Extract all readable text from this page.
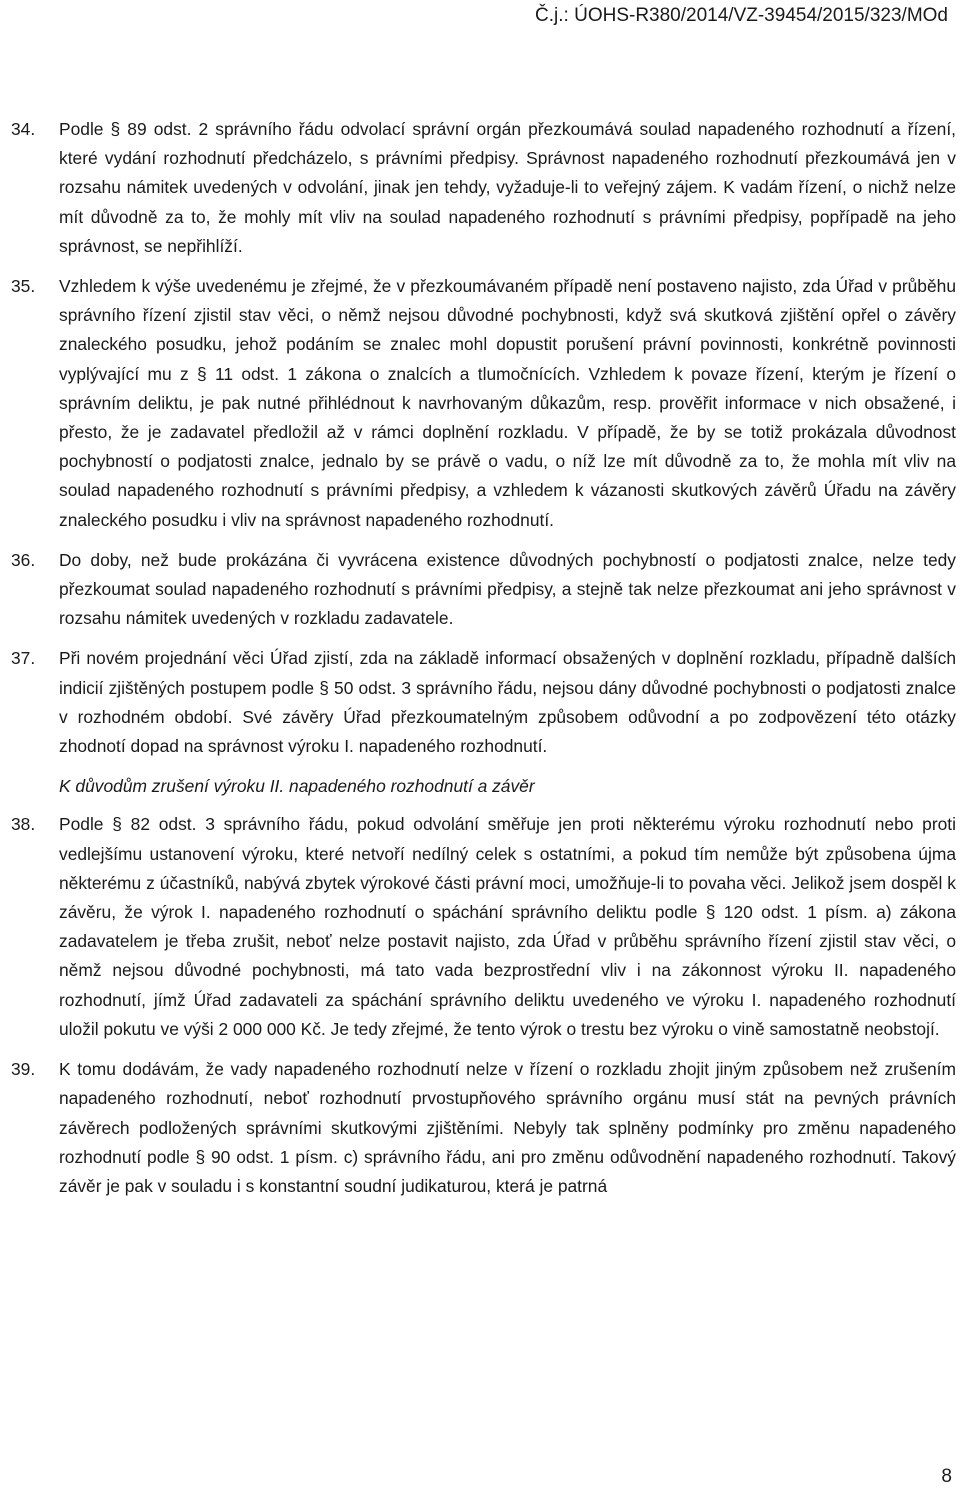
Č.j.: ÚOHS-R380/2014/VZ-39454/2015/323/MOd
34.	Podle § 89 odst. 2 správního řádu odvolací správní orgán přezkoumává soulad napadeného rozhodnutí a řízení, které vydání rozhodnutí předcházelo, s právními předpisy. Správnost napadeného rozhodnutí přezkoumává jen v rozsahu námitek uvedených v odvolání, jinak jen tehdy, vyžaduje-li to veřejný zájem. K vadám řízení, o nichž nelze mít důvodně za to, že mohly mít vliv na soulad napadeného rozhodnutí s právními předpisy, popřípadě na jeho správnost, se nepřihlíží.
35.	Vzhledem k výše uvedenému je zřejmé, že v přezkoumávaném případě není postaveno najisto, zda Úřad v průběhu správního řízení zjistil stav věci, o němž nejsou důvodné pochybnosti, když svá skutková zjištění opřel o závěry znaleckého posudku, jehož podáním se znalec mohl dopustit porušení právní povinnosti, konkrétně povinnosti vyplývající mu z § 11 odst. 1 zákona o znalcích a tlumočnících. Vzhledem k povaze řízení, kterým je řízení o správním deliktu, je pak nutné přihlédnout k navrhovaným důkazům, resp. prověřit informace v nich obsažené, i přesto, že je zadavatel předložil až v rámci doplnění rozkladu. V případě, že by se totiž prokázala důvodnost pochybností o podjatosti znalce, jednalo by se právě o vadu, o níž lze mít důvodně za to, že mohla mít vliv na soulad napadeného rozhodnutí s právními předpisy, a vzhledem k vázanosti skutkových závěrů Úřadu na závěry znaleckého posudku i vliv na správnost napadeného rozhodnutí.
36.	Do doby, než bude prokázána či vyvrácena existence důvodných pochybností o podjatosti znalce, nelze tedy přezkoumat soulad napadeného rozhodnutí s právními předpisy, a stejně tak nelze přezkoumat ani jeho správnost v rozsahu námitek uvedených v rozkladu zadavatele.
37.	Při novém projednání věci Úřad zjistí, zda na základě informací obsažených v doplnění rozkladu, případně dalších indicií zjištěných postupem podle § 50 odst. 3 správního řádu, nejsou dány důvodné pochybnosti o podjatosti znalce v rozhodném období. Své závěry Úřad přezkoumatelným způsobem odůvodní a po zodpovězení této otázky zhodnotí dopad na správnost výroku I. napadeného rozhodnutí.
K důvodům zrušení výroku II. napadeného rozhodnutí a závěr
38.	Podle § 82 odst. 3 správního řádu, pokud odvolání směřuje jen proti některému výroku rozhodnutí nebo proti vedlejšímu ustanovení výroku, které netvoří nedílný celek s ostatními, a pokud tím nemůže být způsobena újma některému z účastníků, nabývá zbytek výrokové části právní moci, umožňuje-li to povaha věci. Jelikož jsem dospěl k závěru, že výrok I. napadeného rozhodnutí o spáchání správního deliktu podle § 120 odst. 1 písm. a) zákona zadavatelem je třeba zrušit, neboť nelze postavit najisto, zda Úřad v průběhu správního řízení zjistil stav věci, o němž nejsou důvodné pochybnosti, má tato vada bezprostřední vliv i na zákonnost výroku II. napadeného rozhodnutí, jímž Úřad zadavateli za spáchání správního deliktu uvedeného ve výroku I. napadeného rozhodnutí uložil pokutu ve výši 2 000 000 Kč. Je tedy zřejmé, že tento výrok o trestu bez výroku o vině samostatně neobstojí.
39.	K tomu dodávám, že vady napadeného rozhodnutí nelze v řízení o rozkladu zhojit jiným způsobem než zrušením napadeného rozhodnutí, neboť rozhodnutí prvostupňového správního orgánu musí stát na pevných právních závěrech podložených správními skutkovými zjištěními. Nebyly tak splněny podmínky pro změnu napadeného rozhodnutí podle § 90 odst. 1 písm. c) správního řádu, ani pro změnu odůvodnění napadeného rozhodnutí. Takový závěr je pak v souladu i s konstantní soudní judikaturou, která je patrná
8
